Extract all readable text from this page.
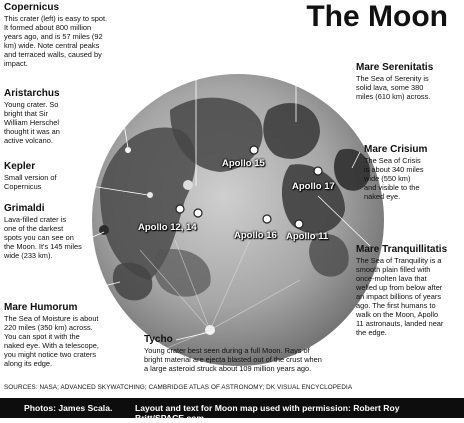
The Moon
Copernicus
This crater (left) is easy to spot.
It formed about 800 million
years ago, and is 57 miles (92
km) wide. Note central peaks
and terraced walls, caused by
impact.
Aristarchus
Young crater. So
bright that Sir
William Herschel
thought it was an
active volcano.
Kepler
Small version of
Copernicus
Grimaldi
Lava-filled crater is
one of the darkest
spots you can see on
the Moon. It's 145 miles
wide (233 km).
Mare Humorum
The Sea of Moisture is about
220 miles (350 km) across.
You can spot it with the
naked eye. With a telescope,
you might notice two craters
along its edge.
Tycho
Young crater best seen during a full Moon. Rays of
bright material are ejecta blasted out of the crust when
a large asteroid struck about 109 million years ago.
Mare Serenitatis
The Sea of Serenity is
solid lava, some 380
miles (610 km) across.
Mare Crisium
The Sea of Crisis
is about 340 miles
wide (550 km)
and visible to the
naked eye.
Mare Tranquillitatis
The Sea of Tranquility is a
smooth plain filled with
once-molten lava that
welled up from below after
an impact billions of years
ago. The first humans to
walk on the Moon, Apollo
11 astronauts, landed near
the edge.
Apollo 15
Apollo 17
Apollo 12, 14
Apollo 11
Apollo 16
SOURCES: NASA; ADVANCED SKYWATCHING; CAMBRIDGE ATLAS OF ASTRONOMY; DK VISUAL ENCYCLOPEDIA
Photos: James Scala.	Layout and text for Moon map used with permission: Robert Roy Britt/SPACE.com.
